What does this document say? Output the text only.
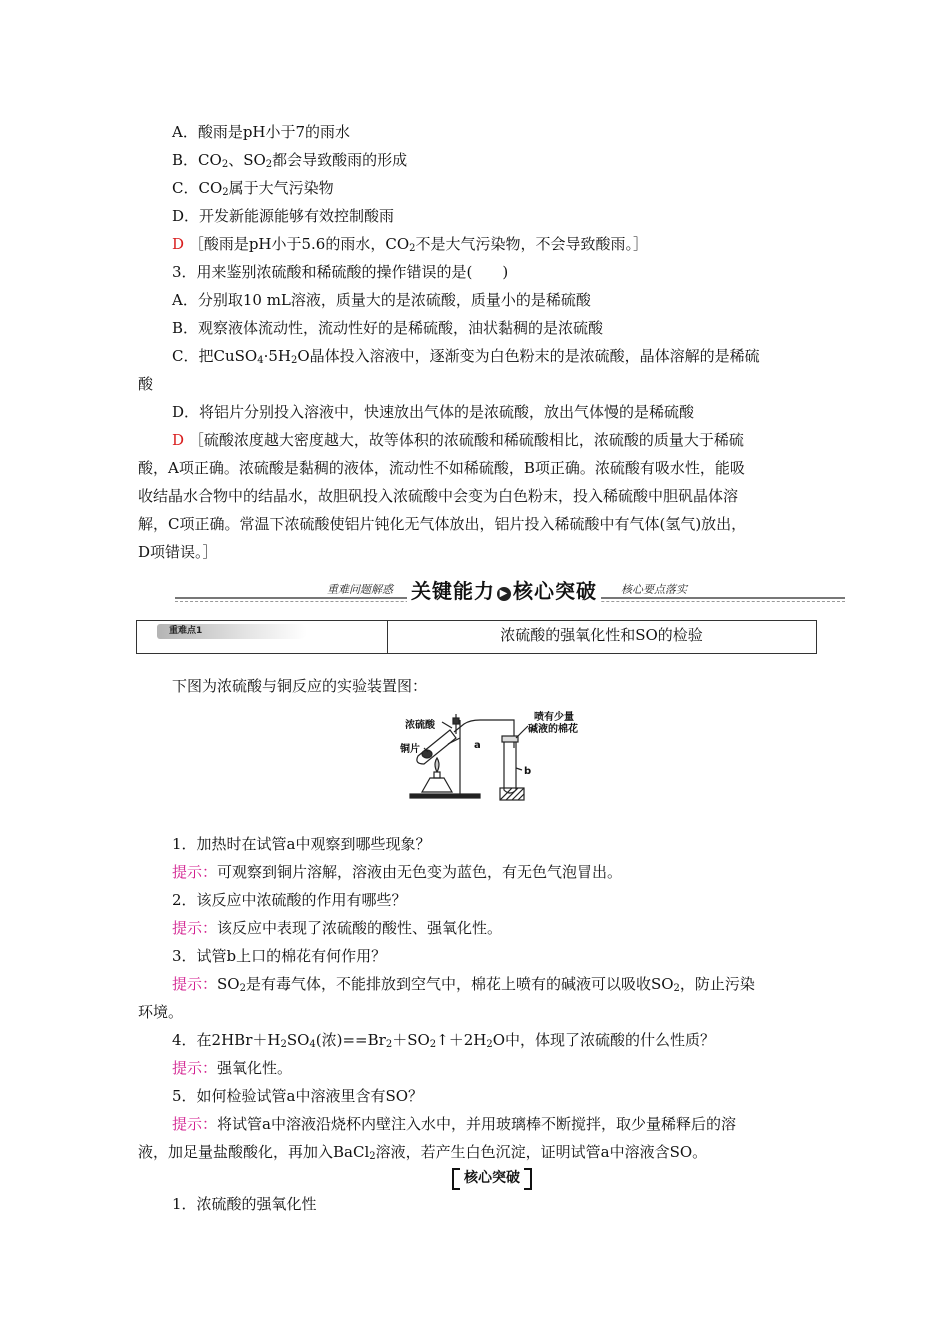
A．酸雨是pH小于7的雨水
B．$CO_2$、$SO_2$都会导致酸雨的形成
C．$CO_2$属于大气污染物
D．开发新能源能够有效控制酸雨
D ［酸雨是pH小于5.6的雨水，$CO_2$不是大气污染物，不会导致酸雨。］
3．用来鉴别浓硫酸和稀硫酸的操作错误的是(　　)
A．分别取10 mL溶液，质量大的是浓硫酸，质量小的是稀硫酸
B．观察液体流动性，流动性好的是稀硫酸，油状黏稠的是浓硫酸
C．把$CuSO_4\cdot 5H_2O$晶体投入溶液中，逐渐变为白色粉末的是浓硫酸，晶体溶解的是稀硫
酸
D．将铝片分别投入溶液中，快速放出气体的是浓硫酸，放出气体慢的是稀硫酸
D ［硫酸浓度越大密度越大，故等体积的浓硫酸和稀硫酸相比，浓硫酸的质量大于稀硫
酸，A项正确。浓硫酸是黏稠的液体，流动性不如稀硫酸，B项正确。浓硫酸有吸水性，能吸
收结晶水合物中的结晶水，故胆矾投入浓硫酸中会变为白色粉末，投入稀硫酸中胆矾晶体溶
解，C项正确。常温下浓硫酸使铝片钝化无气体放出，铝片投入稀硫酸中有气体(氢气)放出，
D项错误。］
重难问题解惑 关键能力 ▶ 核心突破	核心要点落实
重难点1	浓硫酸的强氧化性和SO的检验
下图为浓硫酸与铜反应的实验装置图：
浓硫酸
铜片	a
喷有少量
碱液的棉花
b
1．加热时在试管a中观察到哪些现象？
提示：可观察到铜片溶解，溶液由无色变为蓝色，有无色气泡冒出。
2．该反应中浓硫酸的作用有哪些？
提示：该反应中表现了浓硫酸的酸性、强氧化性。
3．试管b上口的棉花有何作用？
提示：$SO_2$是有毒气体，不能排放到空气中，棉花上喷有的碱液可以吸收$SO_2$，防止污染
环境。
4．在$2HBr+H_2SO_4$(浓)$==Br_2+SO_2↑+2H_2O$中，体现了浓硫酸的什么性质？
提示：强氧化性。
5．如何检验试管a中溶液里含有SO？
提示：将试管a中溶液沿烧杯内壁注入水中，并用玻璃棒不断搅拌，取少量稀释后的溶
液，加足量盐酸酸化，再加入BaCl$_2$溶液，若产生白色沉淀，证明试管a中溶液含SO。
核心突破
1．浓硫酸的强氧化性
